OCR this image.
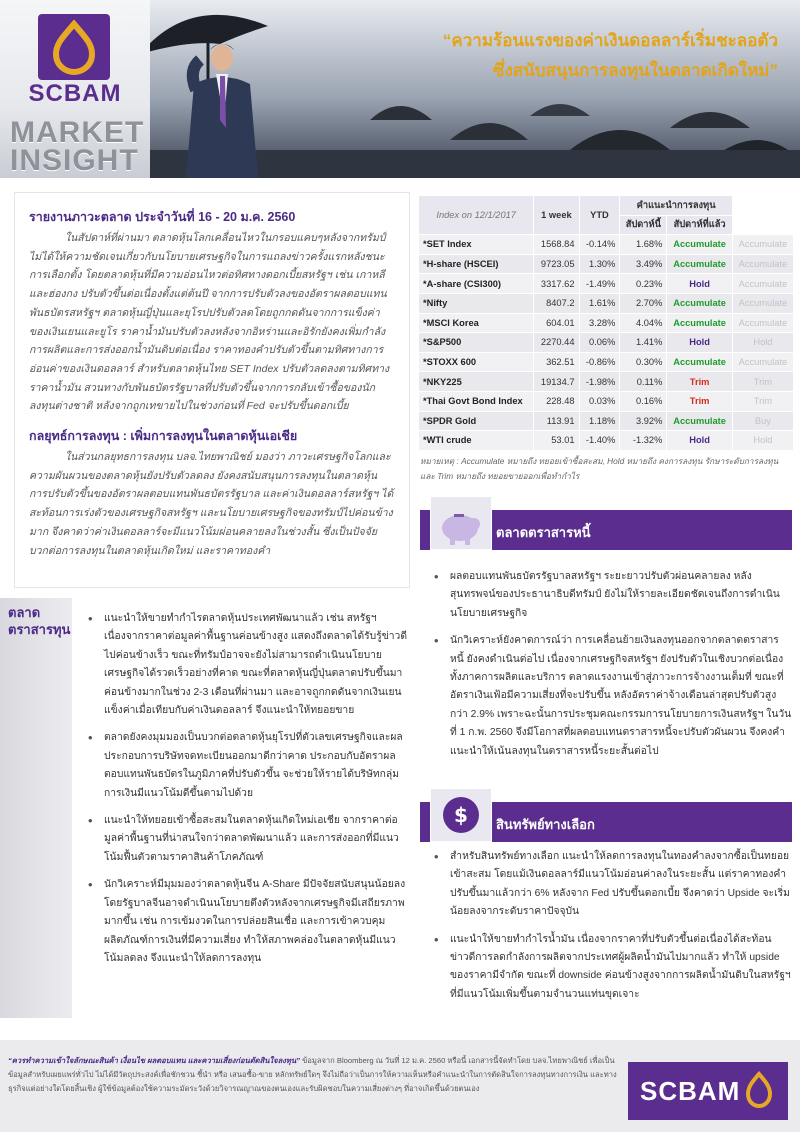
SCBAM
MARKET
INSIGHT
“ความร้อนแรงของค่าเงินดอลลาร์เริ่มชะลอตัว
ซึ่งสนับสนุนการลงทุนในตลาดเกิดใหม่”
รายงานภาวะตลาด ประจำวันที่ 16 - 20 ม.ค. 2560

ในสัปดาห์ที่ผ่านมา ตลาดหุ้นโลกเคลื่อนไหวในกรอบแคบๆหลังจากทรัมป์ไม่ได้ให้ความชัดเจนเกี่ยวกับนโยบายเศรษฐกิจในการแถลงข่าวครั้งแรกหลังชนะการเลือกตั้ง โดยตลาดหุ้นที่มีความอ่อนไหวต่อทิศทางดอกเบี้ยสหรัฐฯ เช่น เกาหลี และฮ่องกง ปรับตัวขึ้นต่อเนื่องตั้งแต่ต้นปี จากการปรับตัวลงของอัตราผลตอบแทนพันธบัตรสหรัฐฯ ตลาดหุ้นญี่ปุ่นและยุโรปปรับตัวลดโดยถูกกดดันจากการแข็งค่าของเงินเยนและยูโร ราคาน้ำมันปรับตัวลงหลังจากอิหร่านและอิรักยังคงเพิ่มกำลังการผลิตและการส่งออกน้ำมันดิบต่อเนื่อง ราคาทองคำปรับตัวขึ้นตามทิศทางการอ่อนค่าของเงินดอลลาร์ สำหรับตลาดหุ้นไทย SET Index ปรับตัวลดลงตามทิศทางราคาน้ำมัน สวนทางกับพันธบัตรรัฐบาลที่ปรับตัวขึ้นจากการกลับเข้าซื้อของนักลงทุนต่างชาติ หลังจากถูกเทขายไปในช่วงก่อนที่ Fed จะปรับขึ้นดอกเบี้ย

กลยุทธ์การลงทุน : เพิ่มการลงทุนในตลาดหุ้นเอเชีย

ในส่วนกลยุทธการลงทุน บลจ.ไทยพาณิชย์ มองว่า ภาวะเศรษฐกิจโลกและความผันผวนของตลาดหุ้นยังปรับตัวลดลง ยังคงสนับสนุนการลงทุนในตลาดหุ้น การปรับตัวขึ้นของอัตราผลตอบแทนพันธบัตรรัฐบาล และค่าเงินดอลลาร์สหรัฐฯ ได้สะท้อนการเร่งตัวของเศรษฐกิจสหรัฐฯ และนโยบายเศรษฐกิจของทรัมป์ไปค่อนข้างมาก จึงคาดว่าค่าเงินดอลลาร์จะมีแนวโน้มผ่อนคลายลงในช่วงสั้น ซึ่งเป็นปัจจัยบวกต่อการลงทุนในตลาดหุ้นเกิดใหม่ และราคาทองคำ

Index on 12/1/2017	1 week	YTD	คำแนะนำการลงทุน		
			สัปดาห์นี้	สัปดาห์ที่แล้ว	
*SET Index	1568.84	-0.14%	1.68%	Accumulate	Accumulate
*H-share (HSCEI)	9723.05	1.30%	3.49%	Accumulate	Accumulate
*A-share (CSI300)	3317.62	-1.49%	0.23%	Hold	Accumulate
*Nifty	8407.2	1.61%	2.70%	Accumulate	Accumulate
*MSCI Korea	604.01	3.28%	4.04%	Accumulate	Accumulate
*S&P500	2270.44	0.06%	1.41%	Hold	Hold
*STOXX 600	362.51	-0.86%	0.30%	Accumulate	Accumulate
*NKY225	19134.7	-1.98%	0.11%	Trim	Trim
*Thai Govt Bond Index	228.48	0.03%	0.16%	Trim	Trim
*SPDR Gold	113.91	1.18%	3.92%	Accumulate	Buy
*WTI crude	53.01	-1.40%	-1.32%	Hold	Hold
หมายเหตุ : Accumulate หมายถึง ทยอยเข้าซื้อสะสม, Hold หมายถึง คงการลงทุน รักษาระดับการลงทุน และ Trim หมายถึง ทยอยขายออกเพื่อทำกำไร
ตลาดตราสารหนี้
• ผลตอบแทนพันธบัตรรัฐบาลสหรัฐฯ ระยะยาวปรับตัวผ่อนคลายลง หลังสุนทรพจน์ของประธานาธิบดีทรัมป์ ยังไม่ให้รายละเอียดชัดเจนถึงการดำเนินนโยบายเศรษฐกิจ
• นักวิเคราะห์ยังคาดการณ์ว่า การเคลื่อนย้ายเงินลงทุนออกจากตลาดตราสารหนี้ ยังคงดำเนินต่อไป เนื่องจากเศรษฐกิจสหรัฐฯ ยังปรับตัวในเชิงบวกต่อเนื่องทั้งภาคการผลิตและบริการ ตลาดแรงงานเข้าสู่ภาวะการจ้างงานเต็มที่ ขณะที่อัตราเงินเฟ้อมีความเสี่ยงที่จะปรับขึ้น หลังอัตราค่าจ้างเดือนล่าสุดปรับตัวสูงกว่า 2.9% เพราะฉะนั้นการประชุมคณะกรรมการนโยบายการเงินสหรัฐฯ ในวันที่ 1 ก.พ. 2560 จึงมีโอกาสที่ผลตอบแทนตราสารหนี้จะปรับตัวผันผวน จึงคงคำแนะนำให้เน้นลงทุนในตราสารหนี้ระยะสั้นต่อไป
ตลาด
ตราสารทุน
• แนะนำให้ขายทำกำไรตลาดหุ้นประเทศพัฒนาแล้ว เช่น สหรัฐฯ เนื่องจากราคาต่อมูลค่าพื้นฐานค่อนข้างสูง แสดงถึงตลาดได้รับรู้ข่าวดีไปค่อนข้างเร็ว ขณะที่ทรัมป์อาจจะยังไม่สามารถดำเนินนโยบายเศรษฐกิจได้รวดเร็วอย่างที่คาด ขณะที่ตลาดหุ้นญี่ปุ่นตลาดปรับขึ้นมาค่อนข้างมากในช่วง 2-3 เดือนที่ผ่านมา และอาจถูกกดดันจากเงินเยนแข็งค่าเมื่อเทียบกับค่าเงินดอลลาร์ จึงแนะนำให้ทยอยขาย
• ตลาดยังคงมุมมองเป็นบวกต่อตลาดหุ้นยุโรปที่ตัวเลขเศรษฐกิจและผลประกอบการบริษัทจดทะเบียนออกมาดีกว่าคาด ประกอบกับอัตราผลตอบแทนพันธบัตรในภูมิภาคที่ปรับตัวขึ้น จะช่วยให้รายได้บริษัทกลุ่มการเงินมีแนวโน้มดีขึ้นตามไปด้วย
• แนะนำให้ทยอยเข้าซื้อสะสมในตลาดหุ้นเกิดใหม่เอเชีย จากราคาต่อมูลค่าพื้นฐานที่น่าสนใจกว่าตลาดพัฒนาแล้ว และการส่งออกที่มีแนวโน้มฟื้นตัวตามราคาสินค้าโภคภัณฑ์
• นักวิเคราะห์มีมุมมองว่าตลาดหุ้นจีน A-Share มีปัจจัยสนับสนุนน้อยลง โดยรัฐบาลจีนอาจดำเนินนโยบายตึงตัวหลังจากเศรษฐกิจมีเสถียรภาพมากขึ้น เช่น การเข้มงวดในการปล่อยสินเชื่อ และการเข้าควบคุมผลิตภัณฑ์การเงินที่มีความเสี่ยง ทำให้สภาพคล่องในตลาดหุ้นมีแนวโน้มลดลง จึงแนะนำให้ลดการลงทุน
$ สินทรัพย์ทางเลือก
• สำหรับสินทรัพย์ทางเลือก แนะนำให้ลดการลงทุนในทองคำลงจากซื้อเป็นทยอยเข้าสะสม โดยแม้เงินดอลลาร์มีแนวโน้มอ่อนค่าลงในระยะสั้น แต่ราคาทองคำปรับขึ้นมาแล้วกว่า 6% หลังจาก Fed ปรับขึ้นดอกเบี้ย จึงคาดว่า Upside จะเริ่มน้อยลงจากระดับราคาปัจจุบัน
• แนะนำให้ขายทำกำไรน้ำมัน เนื่องจากราคาที่ปรับตัวขึ้นต่อเนื่องได้สะท้อนข่าวดีการลดกำลังการผลิตจากประเทศผู้ผลิตน้ำมันไปมากแล้ว ทำให้ upside ของราคามีจำกัด ขณะที่ downside ค่อนข้างสูงจากการผลิตน้ำมันดิบในสหรัฐฯ ที่มีแนวโน้มเพิ่มขึ้นตามจำนวนแท่นขุดเจาะ
“ควรทำความเข้าใจลักษณะสินค้า เงื่อนไข ผลตอบแทน และความเสี่ยงก่อนตัดสินใจลงทุน” ข้อมูลจาก Bloomberg ณ วันที่ 12 ม.ค. 2560 หรือนี้ เอกสารนี้จัดทำโดย บลจ.ไทยพาณิชย์ เพื่อเป็นข้อมูลสำหรับเผยแพร่ทั่วไป ไม่ได้มีวัตถุประสงค์เพื่อชักชวน ชี้นำ หรือ เสนอซื้อ-ขาย หลักทรัพย์ใดๆ จึงไม่ถือว่าเป็นการให้ความเห็นหรือคำแนะนำในการตัดสินใจการลงทุนทางการเงิน และทางธุรกิจแต่อย่างใดโดยสิ้นเชิง ผู้ใช้ข้อมูลต้องใช้ความระมัดระวังด้วยวิจารณญาณของตนเองและรับผิดชอบในความเสี่ยงต่างๆ ที่อาจเกิดขึ้นด้วยตนเอง	SCBAM
